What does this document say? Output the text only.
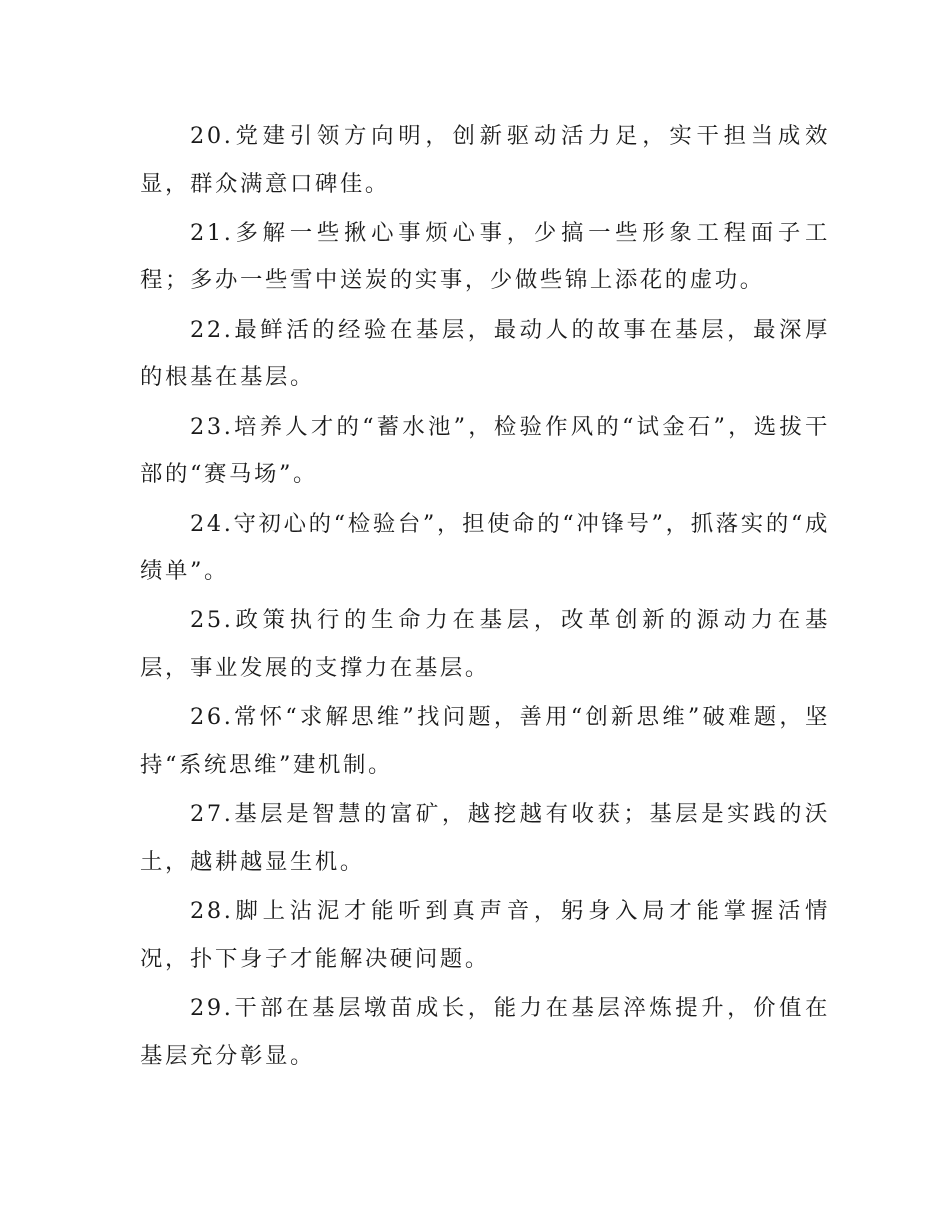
20.党建引领方向明，创新驱动活力足，实干担当成效显，群众满意口碑佳。

21.多解一些揪心事烦心事，少搞一些形象工程面子工程；多办一些雪中送炭的实事，少做些锦上添花的虚功。

22.最鲜活的经验在基层，最动人的故事在基层，最深厚的根基在基层。

23.培养人才的“蓄水池”，检验作风的“试金石”，选拔干部的“赛马场”。

24.守初心的“检验台”，担使命的“冲锋号”，抓落实的“成绩单”。

25.政策执行的生命力在基层，改革创新的源动力在基层，事业发展的支撑力在基层。

26.常怀“求解思维”找问题，善用“创新思维”破难题，坚持“系统思维”建机制。

27.基层是智慧的富矿，越挖越有收获；基层是实践的沃土，越耕越显生机。

28.脚上沾泥才能听到真声音，躬身入局才能掌握活情况，扑下身子才能解决硬问题。

29.干部在基层墩苗成长，能力在基层淬炼提升，价值在基层充分彰显。
